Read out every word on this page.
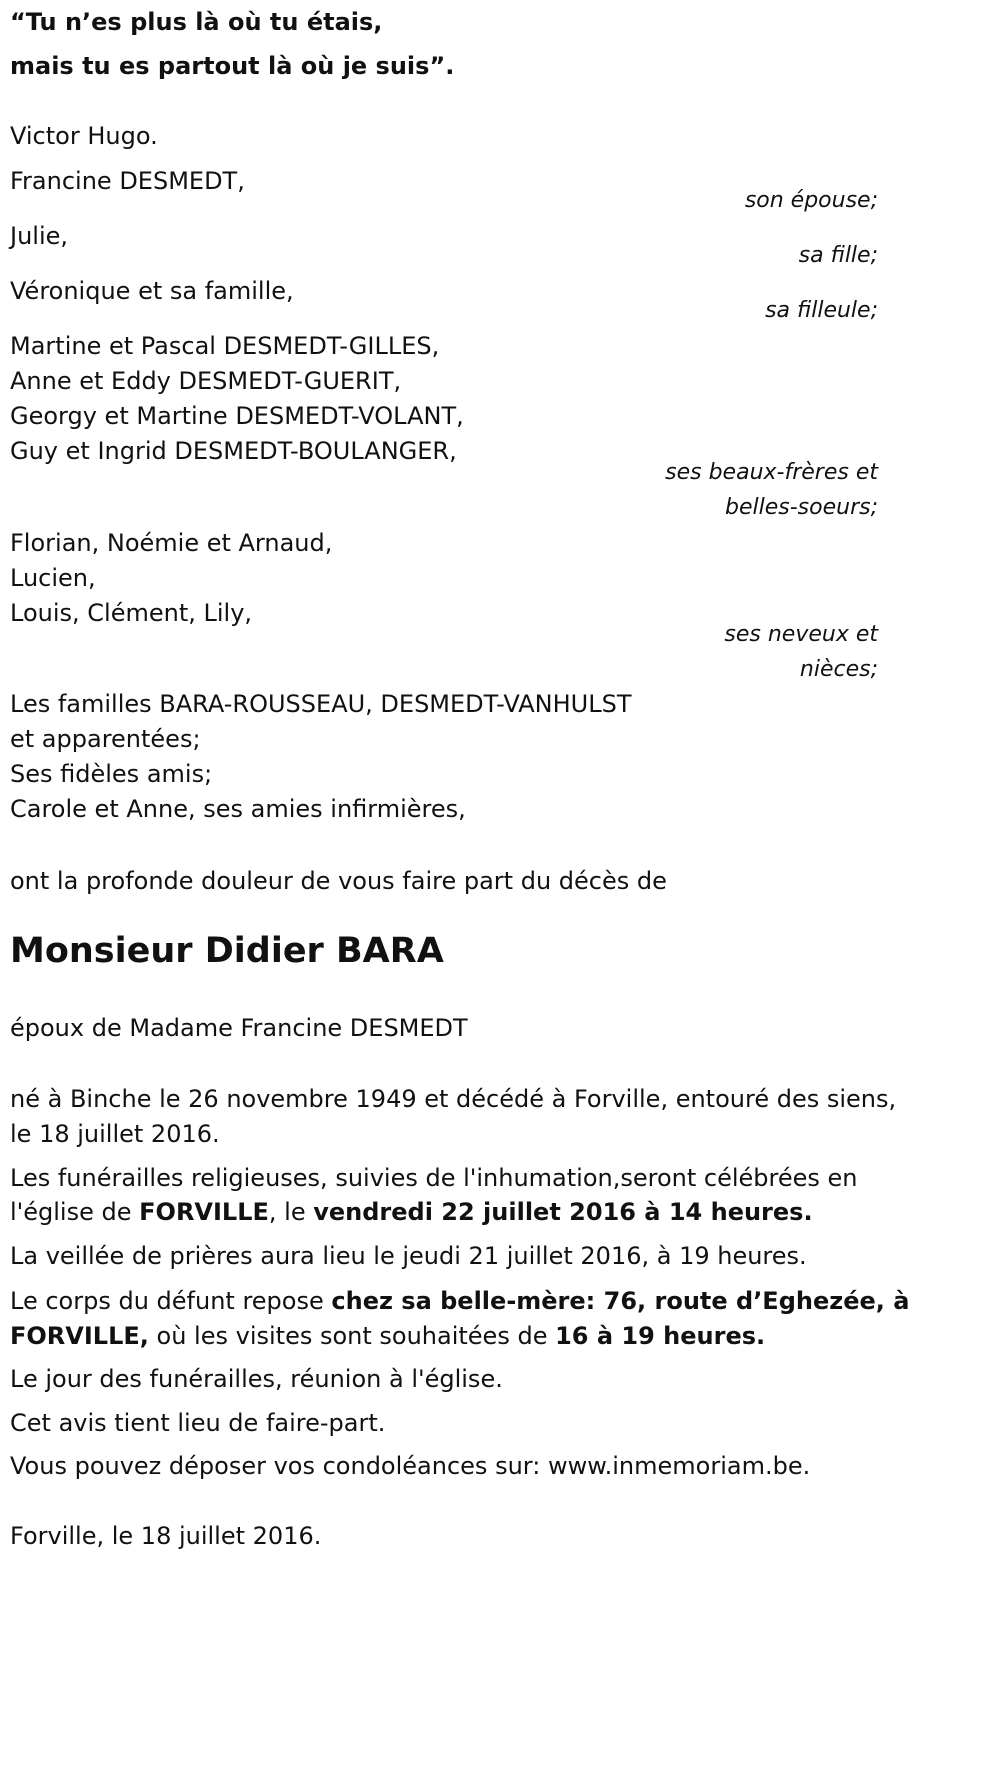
“Tu n’es plus là où tu étais,
mais tu es partout là où je suis”.
Victor Hugo.
Francine DESMEDT,
son épouse;
Julie,
sa fille;
Véronique et sa famille,
sa filleule;
Martine et Pascal DESMEDT-GILLES,
Anne et Eddy DESMEDT-GUERIT,
Georgy et Martine DESMEDT-VOLANT,
Guy et Ingrid DESMEDT-BOULANGER,
ses beaux-frères et
belles-soeurs;
Florian, Noémie et Arnaud,
Lucien,
Louis, Clément, Lily,
ses neveux et
nièces;
Les familles BARA-ROUSSEAU, DESMEDT-VANHULST
et apparentées;
Ses fidèles amis;
Carole et Anne, ses amies infirmières,
ont la profonde douleur de vous faire part du décès de
Monsieur Didier BARA
époux de Madame Francine DESMEDT
né à Binche le 26 novembre 1949 et décédé à Forville, entouré des siens,
le 18 juillet 2016.
Les funérailles religieuses, suivies de l'inhumation,seront célébrées en
l'église de FORVILLE, le vendredi 22 juillet 2016 à 14 heures.
La veillée de prières aura lieu le jeudi 21 juillet 2016, à 19 heures.
Le corps du défunt repose chez sa belle-mère: 76, route d’Eghezée, à
FORVILLE, où les visites sont souhaitées de 16 à 19 heures.
Le jour des funérailles, réunion à l'église.
Cet avis tient lieu de faire-part.
Vous pouvez déposer vos condoléances sur: www.inmemoriam.be.
Forville, le 18 juillet 2016.
